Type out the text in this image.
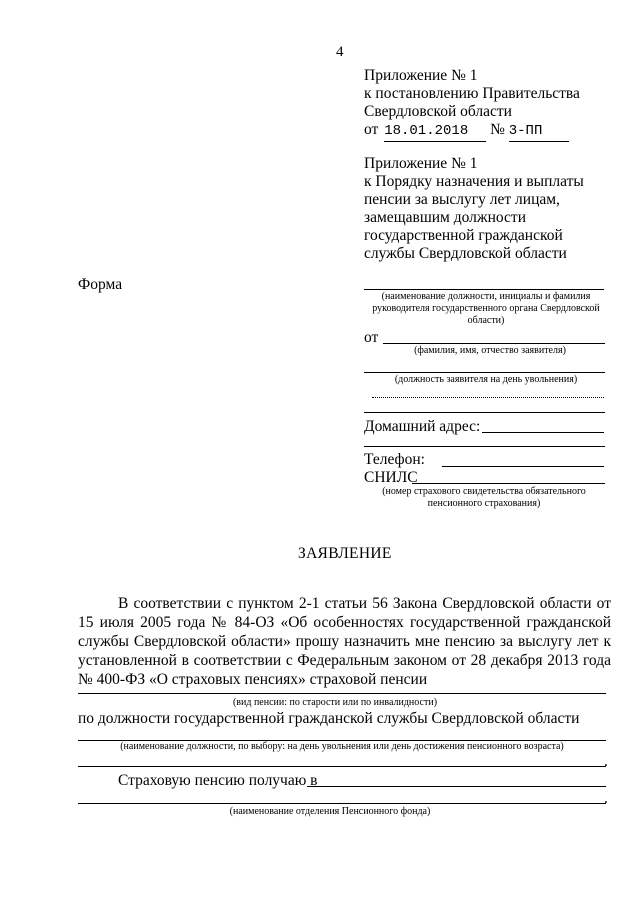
4
Приложение № 1
к постановлению Правительства
Свердловской области
от 18.01.2018 № 3-ПП
Приложение № 1
к Порядку назначения и выплаты
пенсии за выслугу лет лицам,
замещавшим должности
государственной гражданской
службы Свердловской области
Форма
(наименование должности, инициалы и фамилия руководителя государственного органа Свердловской области)
от
(фамилия, имя, отчество заявителя)
(должность заявителя на день увольнения)
Домашний адрес:
Телефон:
СНИЛС
(номер страхового свидетельства обязательного пенсионного страхования)
ЗАЯВЛЕНИЕ

В соответствии с пунктом 2-1 статьи 56 Закона Свердловской области от 15 июля 2005 года № 84-ОЗ «Об особенностях государственной гражданской службы Свердловской области» прошу назначить мне пенсию за выслугу лет к установленной в соответствии с Федеральным законом от 28 декабря 2013 года № 400-ФЗ «О страховых пенсиях» страховой пенсии

(вид пенсии: по старости или по инвалидности)
по должности государственной гражданской службы Свердловской области
(наименование должности, по выбору: на день увольнения или день достижения пенсионного возраста)
.
Страховую пенсию получаю в
.
(наименование отделения Пенсионного фонда)
